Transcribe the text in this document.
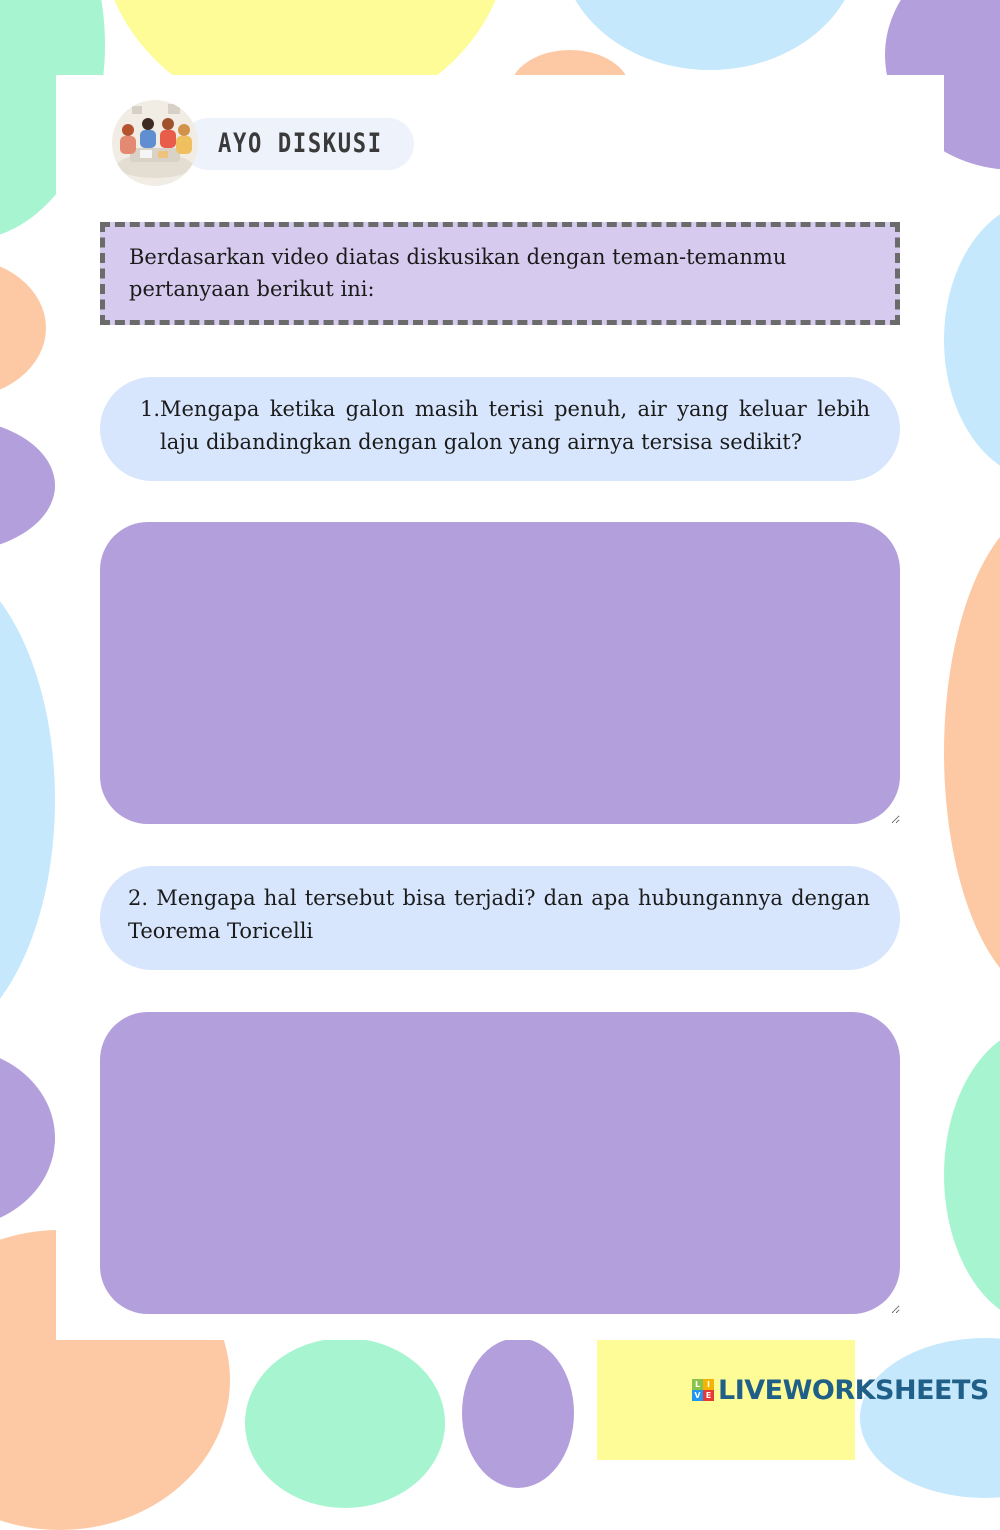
AYO DISKUSI
Berdasarkan video diatas diskusikan dengan teman-temanmu pertanyaan berikut ini:
1. Mengapa ketika galon masih terisi penuh, air yang keluar lebih laju dibandingkan dengan galon yang airnya tersisa sedikit?
2. Mengapa hal tersebut bisa terjadi? dan apa hubungannya dengan Teorema Toricelli
L I
V E LIVEWORKSHEETS
